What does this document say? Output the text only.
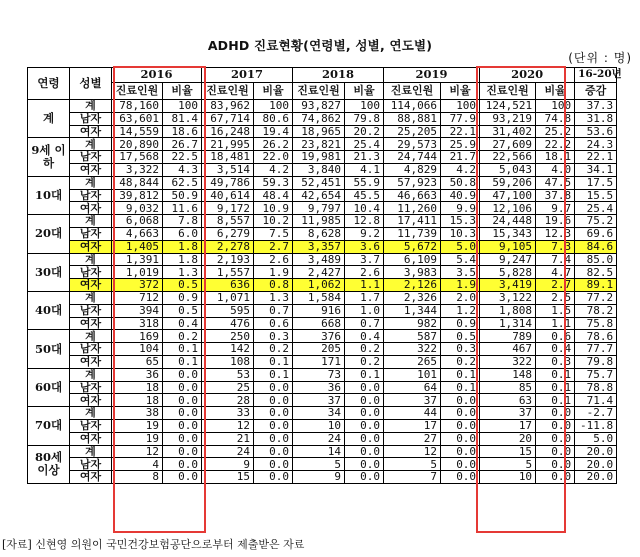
ADHD 진료현황(연령별, 성별, 연도별)
(단위 : 명)
연령	성별	2016		2017		2018		2019		2020		16-20년
		진료인원	비율	진료인원	비율	진료인원	비율	진료인원	비율	진료인원	비율	증감
계	계	78,160	100	83,962	100	93,827	100	114,066	100	124,521	100	37.3
	남자	63,601	81.4	67,714	80.6	74,862	79.8	88,881	77.9	93,219	74.8	31.8
	여자	14,559	18.6	16,248	19.4	18,965	20.2	25,205	22.1	31,402	25.2	53.6
9세 이하	계	20,890	26.7	21,995	26.2	23,821	25.4	29,573	25.9	27,609	22.2	24.3
	남자	17,568	22.5	18,481	22.0	19,981	21.3	24,744	21.7	22,566	18.1	22.1
	여자	3,322	4.3	3,514	4.2	3,840	4.1	4,829	4.2	5,043	4.0	34.1
10대	계	48,844	62.5	49,786	59.3	52,451	55.9	57,923	50.8	59,206	47.5	17.5
	남자	39,812	50.9	40,614	48.4	42,654	45.5	46,663	40.9	47,100	37.8	15.5
	여자	9,032	11.6	9,172	10.9	9,797	10.4	11,260	9.9	12,106	9.7	25.4
20대	계	6,068	7.8	8,557	10.2	11,985	12.8	17,411	15.3	24,448	19.6	75.2
	남자	4,663	6.0	6,279	7.5	8,628	9.2	11,739	10.3	15,343	12.3	69.6
	여자	1,405	1.8	2,278	2.7	3,357	3.6	5,672	5.0	9,105	7.3	84.6
30대	계	1,391	1.8	2,193	2.6	3,489	3.7	6,109	5.4	9,247	7.4	85.0
	남자	1,019	1.3	1,557	1.9	2,427	2.6	3,983	3.5	5,828	4.7	82.5
	여자	372	0.5	636	0.8	1,062	1.1	2,126	1.9	3,419	2.7	89.1
40대	계	712	0.9	1,071	1.3	1,584	1.7	2,326	2.0	3,122	2.5	77.2
	남자	394	0.5	595	0.7	916	1.0	1,344	1.2	1,808	1.5	78.2
	여자	318	0.4	476	0.6	668	0.7	982	0.9	1,314	1.1	75.8
50대	계	169	0.2	250	0.3	376	0.4	587	0.5	789	0.6	78.6
	남자	104	0.1	142	0.2	205	0.2	322	0.3	467	0.4	77.7
	여자	65	0.1	108	0.1	171	0.2	265	0.2	322	0.3	79.8
60대	계	36	0.0	53	0.1	73	0.1	101	0.1	148	0.1	75.7
	남자	18	0.0	25	0.0	36	0.0	64	0.1	85	0.1	78.8
	여자	18	0.0	28	0.0	37	0.0	37	0.0	63	0.1	71.4
70대	계	38	0.0	33	0.0	34	0.0	44	0.0	37	0.0	-2.7
	남자	19	0.0	12	0.0	10	0.0	17	0.0	17	0.0	-11.8
	여자	19	0.0	21	0.0	24	0.0	27	0.0	20	0.0	5.0
80세 이상	계	12	0.0	24	0.0	14	0.0	12	0.0	15	0.0	20.0
	남자	4	0.0	9	0.0	5	0.0	5	0.0	5	0.0	20.0
	여자	8	0.0	15	0.0	9	0.0	7	0.0	10	0.0	20.0
[자료] 신현영 의원이 국민건강보험공단으로부터 제출받은 자료
